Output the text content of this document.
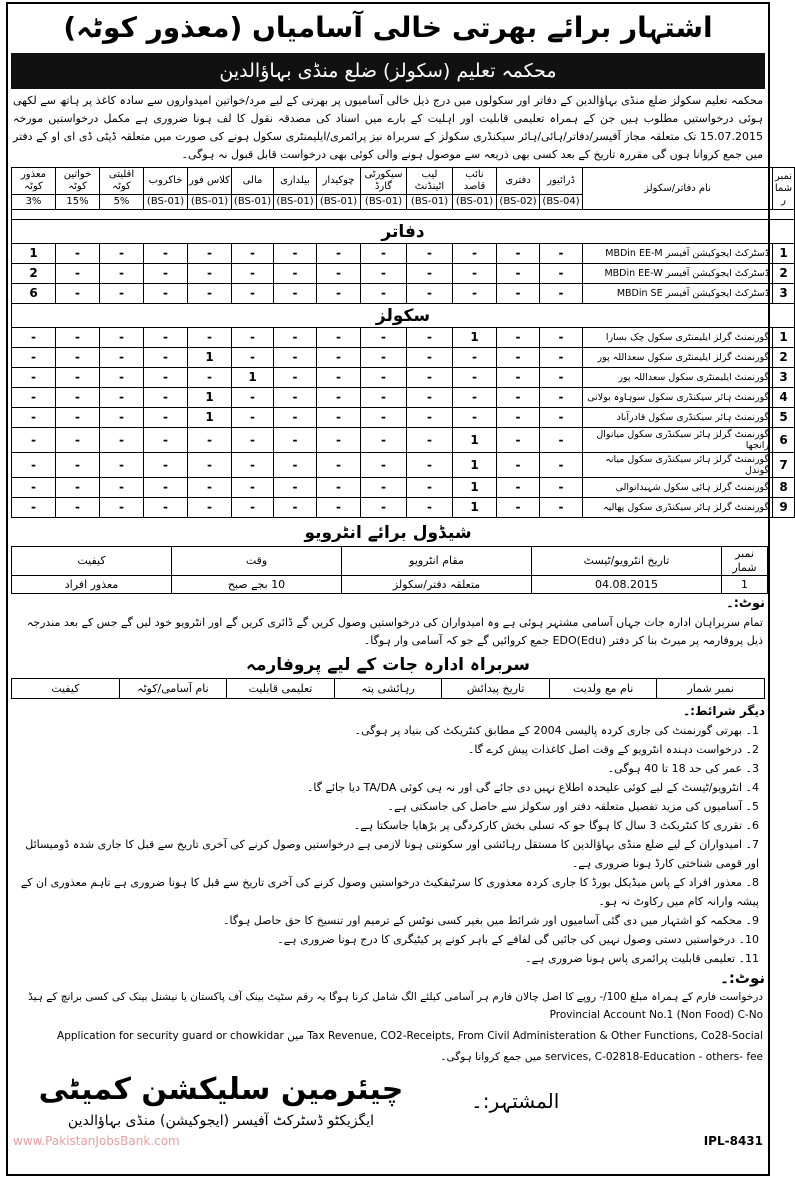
اشتہار برائے بھرتی خالی آسامیاں (معذور کوٹہ)
محکمہ تعلیم (سکولز) ضلع منڈی بہاؤالدین
محکمہ تعلیم سکولز ضلع منڈی بہاؤالدین کے دفاتر اور سکولوں میں درج ذیل خالی آسامیوں پر بھرتی کے لیے مرد/خواتین امیدواروں سے سادہ کاغذ پر ہاتھ سے لکھی ہوئی درخواستیں مطلوب ہیں جن کے ہمراہ تعلیمی قابلیت اور اہلیت کے بارے میں اسناد کی مصدقہ نقول کا لف ہونا ضروری ہے مکمل درخواستیں مورخہ 15.07.2015 تک متعلقہ مجاز آفیسر/دفاتر/ہائی/ہائر سیکنڈری سکولز کے سربراہ نیز پرائمری/ایلیمنٹری سکول ہونے کی صورت میں متعلقہ ڈپٹی ڈی ای او کے دفتر میں جمع کروانا ہوں گی مقررہ تاریخ کے بعد کسی بھی ذریعہ سے موصول ہونے والی کوئی بھی درخواست قابل قبول نہ ہوگی۔
نمبر شمار	نام دفاتر/سکولز	ڈرائیور	دفتری	نائب قاصد	لیب اٹینڈنٹ	سیکورٹی گارڈ	چوکیدار	بیلداری	مالی	کلاس فور	خاکروب	اقلیتی کوٹہ	خواتین کوٹہ	معذور کوٹہ
		(BS-04)	(BS-02)	(BS-01)	(BS-01)	(BS-01)	(BS-01)	(BS-01)	(BS-01)	(BS-01)	(BS-01)	5%	15%	3%

دفاتر														
1	ڈسٹرکٹ ایجوکیشن آفیسر MBDin EE-M	-	-	-	-	-	-	-	-	-	-	-	-	1
2	ڈسٹرکٹ ایجوکیشن آفیسر MBDin EE-W	-	-	-	-	-	-	-	-	-	-	-	-	2
3	ڈسٹرکٹ ایجوکیشن آفیسر MBDin SE	-	-	-	-	-	-	-	-	-	-	-	-	6
سکولز														
1	گورنمنٹ گرلز ایلیمنٹری سکول چک بسارا	-	-	1	-	-	-	-	-	-	-	-	-	-
2	گورنمنٹ گرلز ایلیمنٹری سکول سعداللہ پور	-	-	-	-	-	-	-	-	1	-	-	-	-
3	گورنمنٹ ایلیمنٹری سکول سعداللہ پور	-	-	-	-	-	-	-	1	-	-	-	-	-
4	گورنمنٹ ہائر سیکنڈری سکول سوہاوہ بولانی	-	-	-	-	-	-	-	-	1	-	-	-	-
5	گورنمنٹ ہائر سیکنڈری سکول قادرآباد	-	-	-	-	-	-	-	-	1	-	-	-	-
6	گورنمنٹ گرلز ہائر سیکنڈری سکول میانوال رانجھا	-	-	1	-	-	-	-	-	-	-	-	-	-
7	گورنمنٹ گرلز ہائر سیکنڈری سکول میانہ گوندل	-	-	1	-	-	-	-	-	-	-	-	-	-
8	گورنمنٹ گرلز ہائی سکول شہیدانوالی	-	-	1	-	-	-	-	-	-	-	-	-	-
9	گورنمنٹ گرلز ہائر سیکنڈری سکول پھالیہ	-	-	1	-	-	-	-	-	-	-	-	-	-
شیڈول برائے انٹرویو
نمبر شمار	تاریخ انٹرویو/ٹیسٹ	مقام انٹرویو	وقت	کیفیت
1	04.08.2015	متعلقہ دفتر/سکولز	10 بجے صبح	معذور افراد
نوٹ:۔
تمام سربراہان ادارہ جات جہاں آسامی مشتہر ہوئی ہے وہ امیدواران کی درخواستیں وصول کریں گے ڈائری کریں گے اور انٹرویو خود لیں گے جس کے بعد مندرجہ ذیل پروفارمہ پر میرٹ بنا کر دفتر EDO(Edu) جمع کروائیں گے جو کہ آسامی وار ہوگا۔
سربراہ ادارہ جات کے لیے پروفارمہ
نمبر شمار	نام مع ولدیت	تاریخ پیدائش	رہائشی پتہ	تعلیمی قابلیت	نام آسامی/کوٹہ	کیفیت
دیگر شرائط:۔
1۔ بھرتی گورنمنٹ کی جاری کردہ پالیسی 2004 کے مطابق کنٹریکٹ کی بنیاد پر ہوگی۔
2۔ درخواست دہندہ انٹرویو کے وقت اصل کاغذات پیش کرے گا۔
3۔ عمر کی حد 18 تا 40 ہوگی۔
4۔ انٹرویو/ٹیسٹ کے لیے کوئی علیحدہ اطلاع نہیں دی جائے گی اور نہ ہی کوئی TA/DA دیا جائے گا۔
5۔ آسامیوں کی مزید تفصیل متعلقہ دفتر اور سکولز سے حاصل کی جاسکتی ہے۔
6۔ تقرری کا کنٹریکٹ 3 سال کا ہوگا جو کہ تسلی بخش کارکردگی پر بڑھایا جاسکتا ہے۔
7۔ امیدواران کے لیے ضلع منڈی بہاؤالدین کا مستقل رہائشی اور سکونتی ہونا لازمی ہے درخواستیں وصول کرنے کی آخری تاریخ سے قبل کا جاری شدہ ڈومیسائل اور قومی شناختی کارڈ ہونا ضروری ہے۔
8۔ معذور افراد کے پاس میڈیکل بورڈ کا جاری کردہ معذوری کا سرٹیفکیٹ درخواستیں وصول کرنے کی آخری تاریخ سے قبل کا ہونا ضروری ہے تاہم معذوری ان کے پیشہ وارانہ کام میں رکاوٹ نہ ہو۔
9۔ محکمہ کو اشتہار میں دی گئی آسامیوں اور شرائط میں بغیر کسی نوٹس کے ترمیم اور تنسیخ کا حق حاصل ہوگا۔
10۔ درخواستیں دستی وصول نہیں کی جائیں گی لفافے کے باہر کونے پر کیٹیگری کا درج ہونا ضروری ہے۔
11۔ تعلیمی قابلیت پرائمری پاس ہونا ضروری ہے۔
نوٹ:۔
درخواست فارم کے ہمراہ مبلغ 100/- روپے کا اصل چالان فارم ہر آسامی کیلئے الگ شامل کرنا ہوگا یہ رقم سٹیٹ بینک آف پاکستان یا نیشنل بینک کی کسی برانچ کے ہیڈ Provincial Account No.1 (Non Food) C-No
Tax Revenue, CO2-Receipts, From Civil Administeration & Other Functions, Co28-Social میں Application for security guard or chowkidar
services, C-02818-Education - others- fee میں جمع کروانا ہوگی۔
چیئرمین سلیکشن کمیٹی
ایگزیکٹو ڈسٹرکٹ آفیسر (ایجوکیشن) منڈی بہاؤالدین
المشتہر:۔
www.PakistanJobsBank.com	IPL-8431
